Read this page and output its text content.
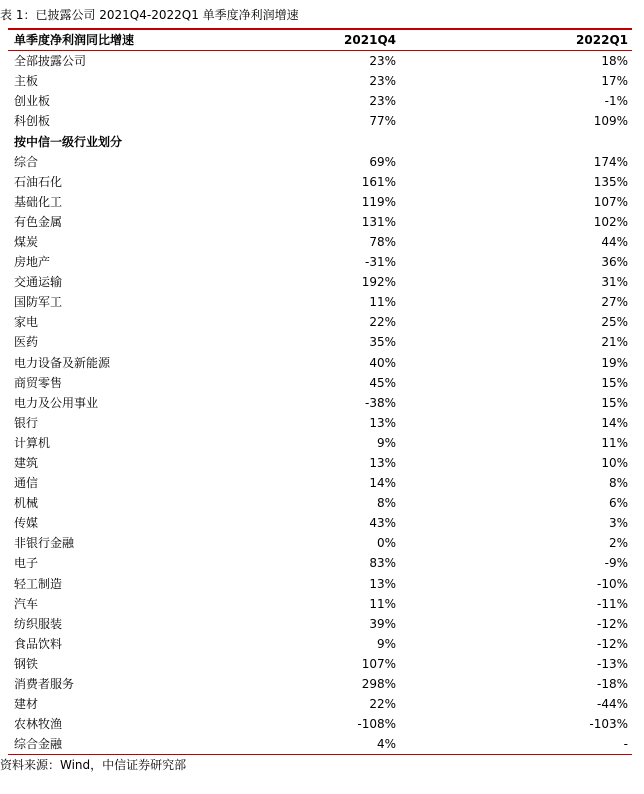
表 1：已披露公司 2021Q4-2022Q1 单季度净利润增速
单季度净利润同比增速	2021Q4	2022Q1
全部披露公司	23%	18%
主板	23%	17%
创业板	23%	-1%
科创板	77%	109%
按中信一级行业划分
综合	69%	174%
石油石化	161%	135%
基础化工	119%	107%
有色金属	131%	102%
煤炭	78%	44%
房地产	-31%	36%
交通运输	192%	31%
国防军工	11%	27%
家电	22%	25%
医药	35%	21%
电力设备及新能源	40%	19%
商贸零售	45%	15%
电力及公用事业	-38%	15%
银行	13%	14%
计算机	9%	11%
建筑	13%	10%
通信	14%	8%
机械	8%	6%
传媒	43%	3%
非银行金融	0%	2%
电子	83%	-9%
轻工制造	13%	-10%
汽车	11%	-11%
纺织服装	39%	-12%
食品饮料	9%	-12%
钢铁	107%	-13%
消费者服务	298%	-18%
建材	22%	-44%
农林牧渔	-108%	-103%
综合金融	4%	-
资料来源：Wind，中信证券研究部
